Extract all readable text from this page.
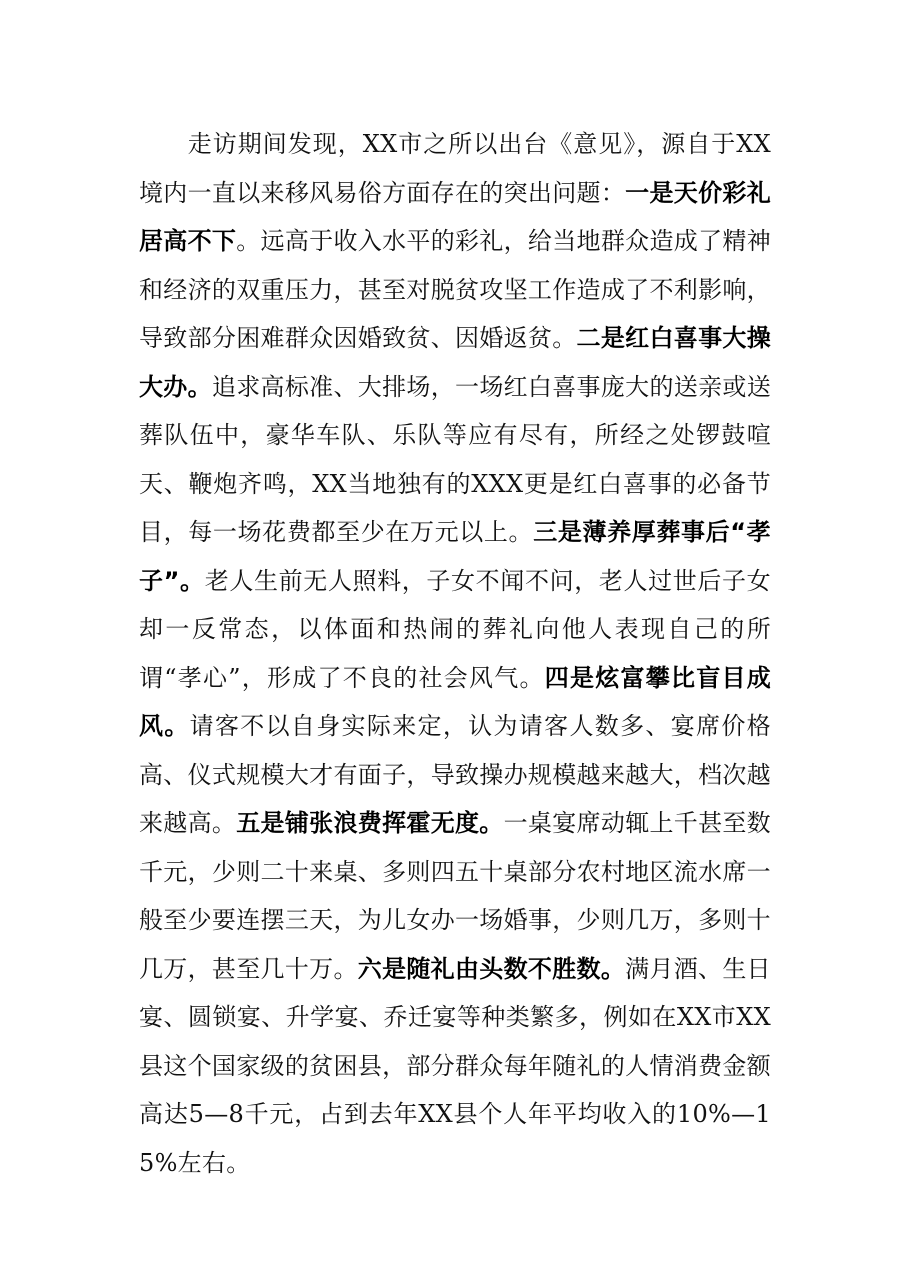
走访期间发现，XX市之所以出台《意见》，源自于XX境内一直以来移风易俗方面存在的突出问题：一是天价彩礼居高不下。远高于收入水平的彩礼，给当地群众造成了精神和经济的双重压力，甚至对脱贫攻坚工作造成了不利影响，导致部分困难群众因婚致贫、因婚返贫。二是红白喜事大操大办。追求高标准、大排场，一场红白喜事庞大的送亲或送葬队伍中，豪华车队、乐队等应有尽有，所经之处锣鼓喧天、鞭炮齐鸣，XX当地独有的XXX更是红白喜事的必备节目，每一场花费都至少在万元以上。三是薄养厚葬事后“孝子”。老人生前无人照料，子女不闻不问，老人过世后子女却一反常态，以体面和热闹的葬礼向他人表现自己的所谓“孝心”，形成了不良的社会风气。四是炫富攀比盲目成风。请客不以自身实际来定，认为请客人数多、宴席价格高、仪式规模大才有面子，导致操办规模越来越大，档次越来越高。五是铺张浪费挥霍无度。一桌宴席动辄上千甚至数千元，少则二十来桌、多则四五十桌部分农村地区流水席一般至少要连摆三天，为儿女办一场婚事，少则几万，多则十几万，甚至几十万。六是随礼由头数不胜数。满月酒、生日宴、圆锁宴、升学宴、乔迁宴等种类繁多，例如在XX市XX县这个国家级的贫困县，部分群众每年随礼的人情消费金额高达5—8千元，占到去年XX县个人年平均收入的10%—15%左右。
